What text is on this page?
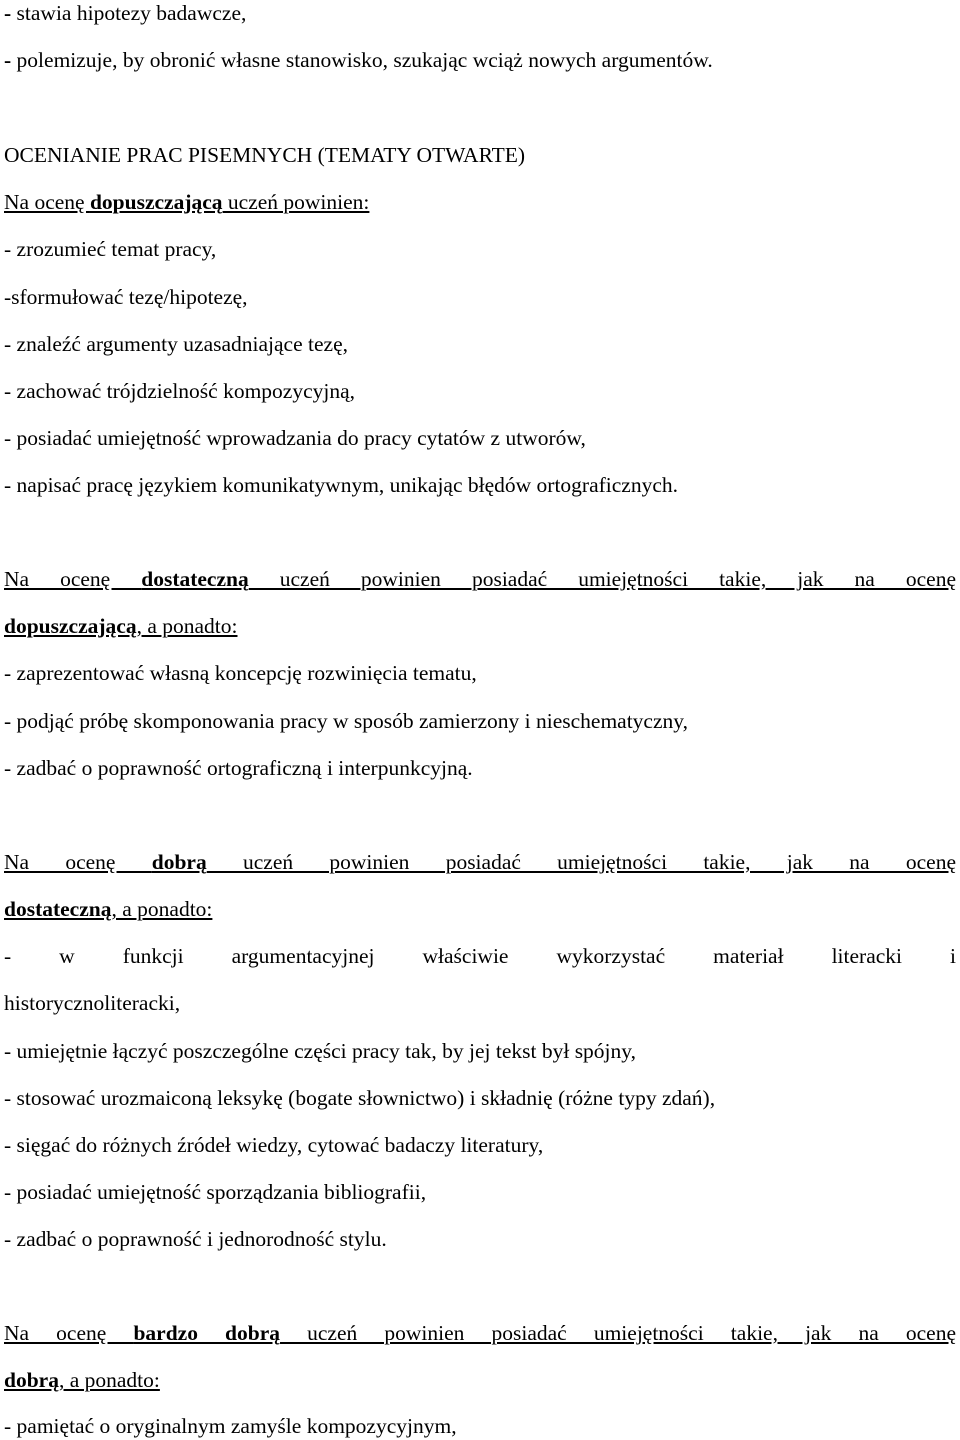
- stawia hipotezy badawcze,
- polemizuje, by obronić własne stanowisko, szukając wciąż nowych argumentów.
OCENIANIE PRAC PISEMNYCH (TEMATY OTWARTE)
Na ocenę dopuszczającą uczeń powinien:
- zrozumieć temat pracy,
-sformułować tezę/hipotezę,
- znaleźć argumenty uzasadniające tezę,
- zachować trójdzielność kompozycyjną,
- posiadać umiejętność wprowadzania do pracy cytatów z utworów,
- napisać pracę językiem komunikatywnym, unikając błędów ortograficznych.
Na ocenę dostateczną uczeń powinien posiadać umiejętności takie, jak na ocenę
dopuszczającą, a ponadto:
- zaprezentować własną koncepcję rozwinięcia tematu,
- podjąć próbę skomponowania pracy w sposób zamierzony i nieschematyczny,
- zadbać o poprawność ortograficzną i interpunkcyjną.
Na ocenę dobrą uczeń powinien posiadać umiejętności takie, jak na ocenę
dostateczną, a ponadto:
- w funkcji argumentacyjnej właściwie wykorzystać materiał literacki i
historycznoliteracki,
- umiejętnie łączyć poszczególne części pracy tak, by jej tekst był spójny,
- stosować urozmaiconą leksykę (bogate słownictwo) i składnię (różne typy zdań),
- sięgać do różnych źródeł wiedzy, cytować badaczy literatury,
- posiadać umiejętność sporządzania bibliografii,
- zadbać o poprawność i jednorodność stylu.
Na ocenę bardzo dobrą uczeń powinien posiadać umiejętności takie, jak na ocenę
dobrą, a ponadto:
- pamiętać o oryginalnym zamyśle kompozycyjnym,
